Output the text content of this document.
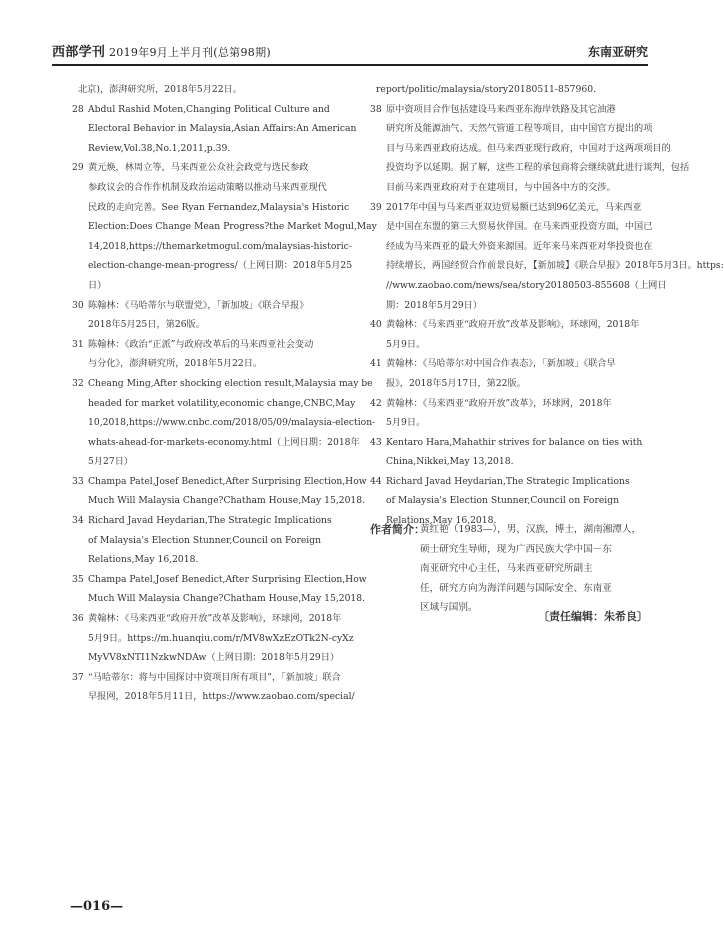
西部学刊 2019年9月上半月刊(总第98期)	东南亚研究
北京)，澎湃研究所，2018年5月22日。
28 Abdul Rashid Moten,Changing Political Culture and
Electoral Behavior in Malaysia,Asian Affairs:An American
Review,Vol.38,No.1,2011,p.39.
29 黄元焕，林周立等，马来西亚公众社会政党与选民参政
参政议会的合作作机制及政治运动策略以推动马来西亚现代
民政的走向完善。See Ryan Fernandez,Malaysia's Historic
Election:Does Change Mean Progress?the Market Mogul,May
14,2018,https://themarketmogul.com/malaysias-historic-
election-change-mean-progress/（上网日期：2018年5月25
日）
30 陈翰林：《马哈蒂尔与联盟党》，「新加坡」《联合早报》
2018年5月25日，第26版。
31 陈翰林：《政治“正派”与政府改革后的马来西亚社会变动
与分化》，澎湃研究所，2018年5月22日。
32 Cheang Ming,After shocking election result,Malaysia may be
headed for market volatility,economic change,CNBC,May
10,2018,https://www.cnbc.com/2018/05/09/malaysia-election-
whats-ahead-for-markets-economy.html（上网日期：2018年
5月27日）
33 Champa Patel,Josef Benedict,After Surprising Election,How
Much Will Malaysia Change?Chatham House,May 15,2018.
34 Richard Javad Heydarian,The Strategic Implications
of Malaysia's Election Stunner,Council on Foreign
Relations,May 16,2018.
35 Champa Patel,Josef Benedict,After Surprising Election,How
Much Will Malaysia Change?Chatham House,May 15,2018.
36 黄翰林：《马来西亚“政府开放”改革及影响》，环球网，2018年
5月9日。https://m.huanqiu.com/r/MV8wXzEzOTk2N-cyXz
MyVV8xNTI1NzkwNDAw（上网日期：2018年5月29日）
37 “马哈蒂尔：将与中国探讨中资项目所有项目”，「新加坡」联合
早报网，2018年5月11日，https://www.zaobao.com/special/
report/politic/malaysia/story20180511-857960.
38 原中资项目合作包括建设马来西亚东海岸铁路及其它油港
研究所及能源油气、天然气管道工程等项目，由中国官方提出的项
目与马来西亚政府达成。但马来西亚现行政府，中国对于这两项项目的
投资均予以延期。据了解，这些工程的承包商将会继续就此进行谈判，包括
目前马来西亚政府对于在建项目，与中国各中方的交涉。
39 2017年中国与马来西亚双边贸易额已达到96亿美元，马来西亚
是中国在东盟的第三大贸易伙伴国。在马来西亚投资方面，中国已
经成为马来西亚的最大外资来源国。近年来马来西亚对华投资也在
持续增长，两国经贸合作前景良好，【新加坡】《联合早报》2018年5月3日。https:
//www.zaobao.com/news/sea/story20180503-855608（上网日
期：2018年5月29日）
40 黄翰林：《马来西亚“政府开放”改革及影响》，环球网，2018年
5月9日。
41 黄翰林：《马哈蒂尔对中国合作表态》，「新加坡」《联合早
报》，2018年5月17日，第22版。
42 黄翰林：《马来西亚“政府开放”改革》，环球网，2018年
5月9日。
43 Kentaro Hara,Mahathir strives for balance on ties with
China,Nikkei,May 13,2018.
44 Richard Javad Heydarian,The Strategic Implications
of Malaysia's Election Stunner,Council on Foreign
Relations,May 16,2018.
作者简介：
黄红艳（1983—），男，汉族，博士，湖南湘潭人，
硕士研究生导师，现为广西民族大学中国－东
南亚研究中心主任，马来西亚研究所副主
任，研究方向为海洋问题与国际安全、东南亚
区域与国别。
〔责任编辑：朱希良〕
—016—
